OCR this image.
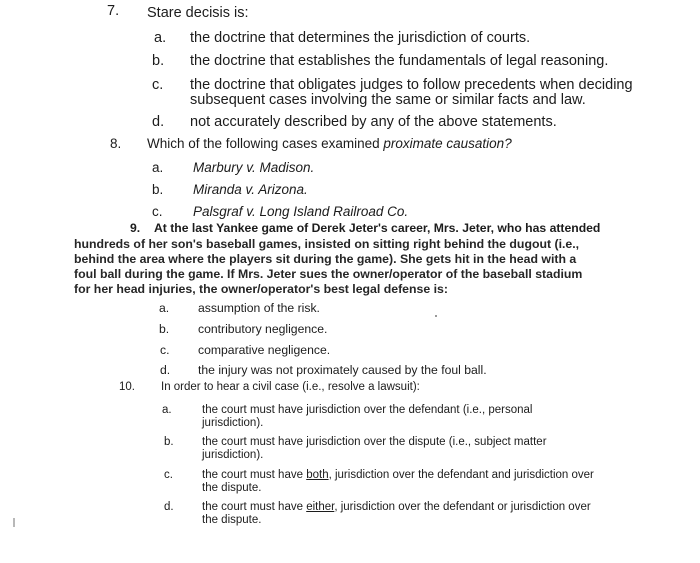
7. Stare decisis is:
a. the doctrine that determines the jurisdiction of courts.
b. the doctrine that establishes the fundamentals of legal reasoning.
c. the doctrine that obligates judges to follow precedents when deciding
subsequent cases involving the same or similar facts and law.
d. not accurately described by any of the above statements.
8. Which of the following cases examined proximate causation?
a. Marbury v. Madison.
b. Miranda v. Arizona.
c. Palsgraf v. Long Island Railroad Co.
9. At the last Yankee game of Derek Jeter's career, Mrs. Jeter, who has attended
hundreds of her son's baseball games, insisted on sitting right behind the dugout (i.e., behind the area where the players sit during the game). She gets hit in the head with a foul ball during the game. If Mrs. Jeter sues the owner/operator of the baseball stadium for her head injuries, the owner/operator's best legal defense is:
a. assumption of the risk.
b. contributory negligence.
c. comparative negligence.
d. the injury was not proximately caused by the foul ball.
10. In order to hear a civil case (i.e., resolve a lawsuit):
a.	the court must have jurisdiction over the defendant (i.e., personal jurisdiction).
b. the court must have jurisdiction over the dispute (i.e., subject matter jurisdiction).
c.	the court must have both, jurisdiction over the defendant and jurisdiction over the dispute.
d. the court must have either, jurisdiction over the defendant or jurisdiction over the dispute.
